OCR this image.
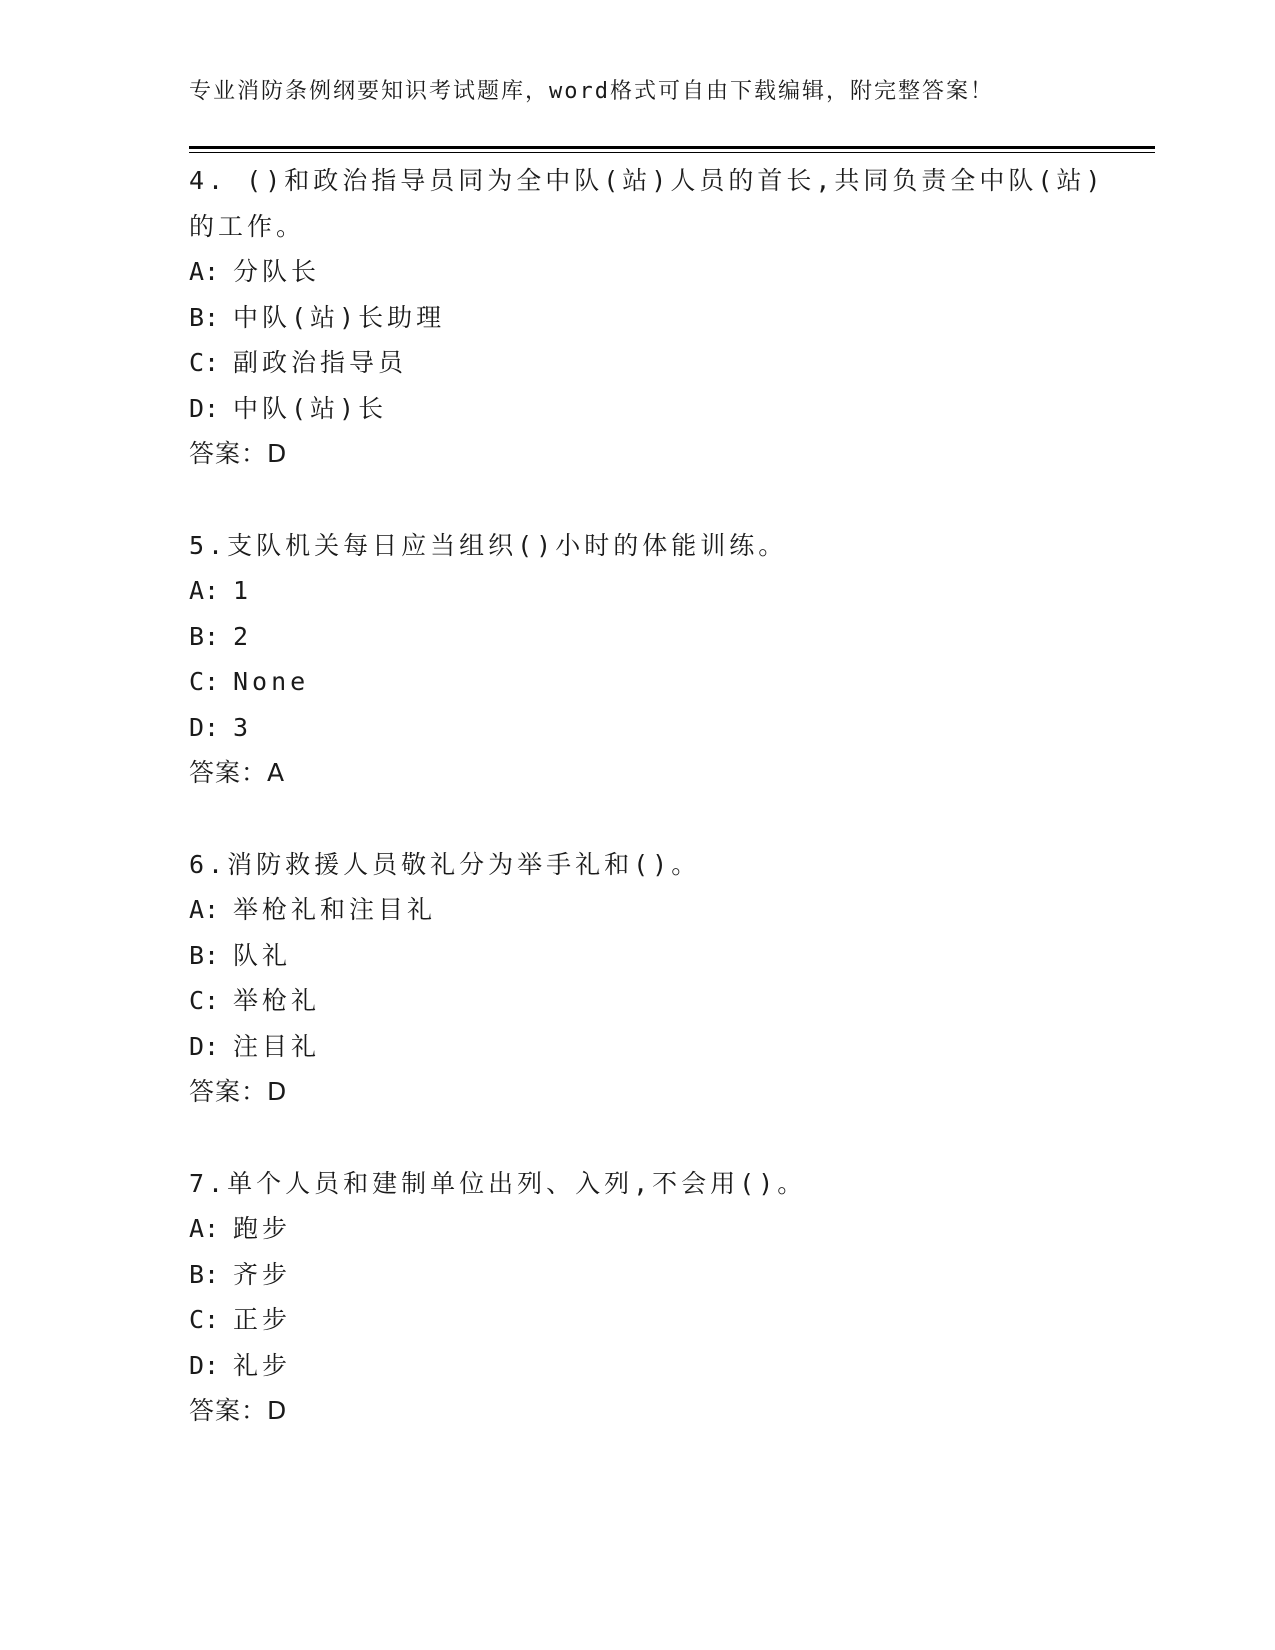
专业消防条例纲要知识考试题库，word格式可自由下载编辑，附完整答案！
4. ()和政治指导员同为全中队(站)人员的首长,共同负责全中队(站)
的工作。
A: 分队长
B: 中队(站)长助理
C: 副政治指导员
D: 中队(站)长
答案：D
5.支队机关每日应当组织()小时的体能训练。
A: 1
B: 2
C: None
D: 3
答案：A
6.消防救援人员敬礼分为举手礼和()。
A: 举枪礼和注目礼
B: 队礼
C: 举枪礼
D: 注目礼
答案：D
7.单个人员和建制单位出列、入列,不会用()。
A: 跑步
B: 齐步
C: 正步
D: 礼步
答案：D
